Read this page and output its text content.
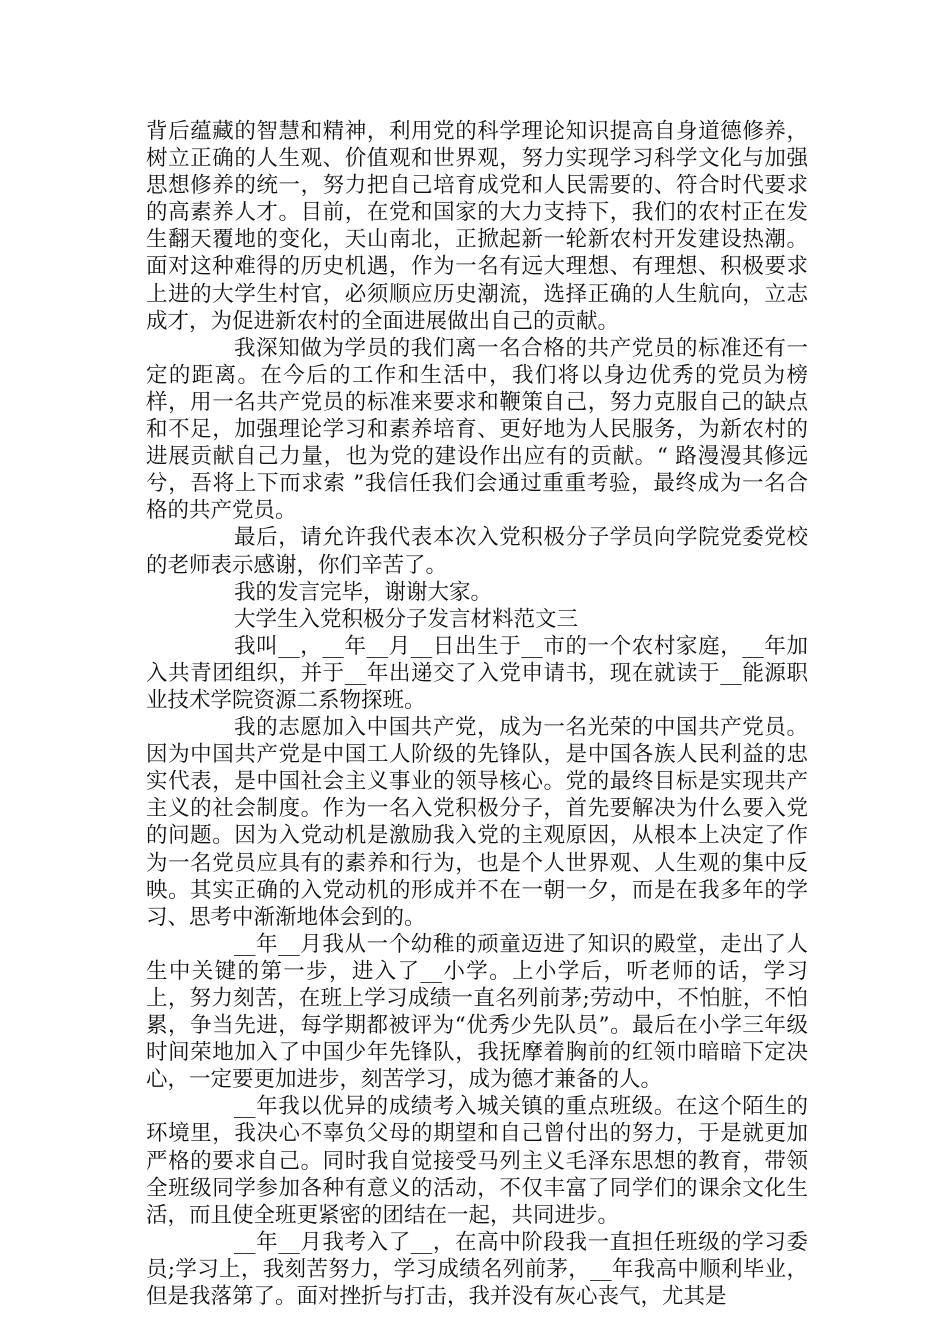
背后蕴藏的智慧和精神，利用党的科学理论知识提高自身道德修养，树立正确的人生观、价值观和世界观，努力实现学习科学文化与加强思想修养的统一，努力把自己培育成党和人民需要的、符合时代要求的高素养人才。目前，在党和国家的大力支持下，我们的农村正在发生翻天覆地的变化，天山南北，正掀起新一轮新农村开发建设热潮。面对这种难得的历史机遇，作为一名有远大理想、有理想、积极要求上进的大学生村官，必须顺应历史潮流，选择正确的人生航向，立志成才，为促进新农村的全面进展做出自己的贡献。

我深知做为学员的我们离一名合格的共产党员的标准还有一定的距离。在今后的工作和生活中，我们将以身边优秀的党员为榜样，用一名共产党员的标准来要求和鞭策自己，努力克服自己的缺点和不足，加强理论学习和素养培育、更好地为人民服务，为新农村的进展贡献自己力量，也为党的建设作出应有的贡献。“ 路漫漫其修远兮，吾将上下而求索 ”我信任我们会通过重重考验，最终成为一名合格的共产党员。

最后，请允许我代表本次入党积极分子学员向学院党委党校的老师表示感谢，你们辛苦了。

我的发言完毕，谢谢大家。

大学生入党积极分子发言材料范文三

我叫__，__年__月__日出生于__市的一个农村家庭，__年加入共青团组织，并于__年出递交了入党申请书，现在就读于__能源职业技术学院资源二系物探班。

我的志愿加入中国共产党，成为一名光荣的中国共产党员。因为中国共产党是中国工人阶级的先锋队，是中国各族人民利益的忠实代表，是中国社会主义事业的领导核心。党的最终目标是实现共产主义的社会制度。作为一名入党积极分子，首先要解决为什么要入党的问题。因为入党动机是激励我入党的主观原因，从根本上决定了作为一名党员应具有的素养和行为，也是个人世界观、人生观的集中反映。其实正确的入党动机的形成并不在一朝一夕，而是在我多年的学习、思考中渐渐地体会到的。

__年__月我从一个幼稚的顽童迈进了知识的殿堂，走出了人生中关键的第一步，进入了__小学。上小学后，听老师的话，学习上，努力刻苦，在班上学习成绩一直名列前茅;劳动中，不怕脏，不怕累，争当先进，每学期都被评为“优秀少先队员”。最后在小学三年级时间荣地加入了中国少年先锋队，我抚摩着胸前的红领巾暗暗下定决心，一定要更加进步，刻苦学习，成为德才兼备的人。

__年我以优异的成绩考入城关镇的重点班级。在这个陌生的环境里，我决心不辜负父母的期望和自己曾付出的努力，于是就更加严格的要求自己。同时我自觉接受马列主义毛泽东思想的教育，带领全班级同学参加各种有意义的活动，不仅丰富了同学们的课余文化生活，而且使全班更紧密的团结在一起，共同进步。

__年__月我考入了__，在高中阶段我一直担任班级的学习委员;学习上，我刻苦努力，学习成绩名列前茅，__年我高中顺利毕业，但是我落第了。面对挫折与打击，我并没有灰心丧气，尤其是
